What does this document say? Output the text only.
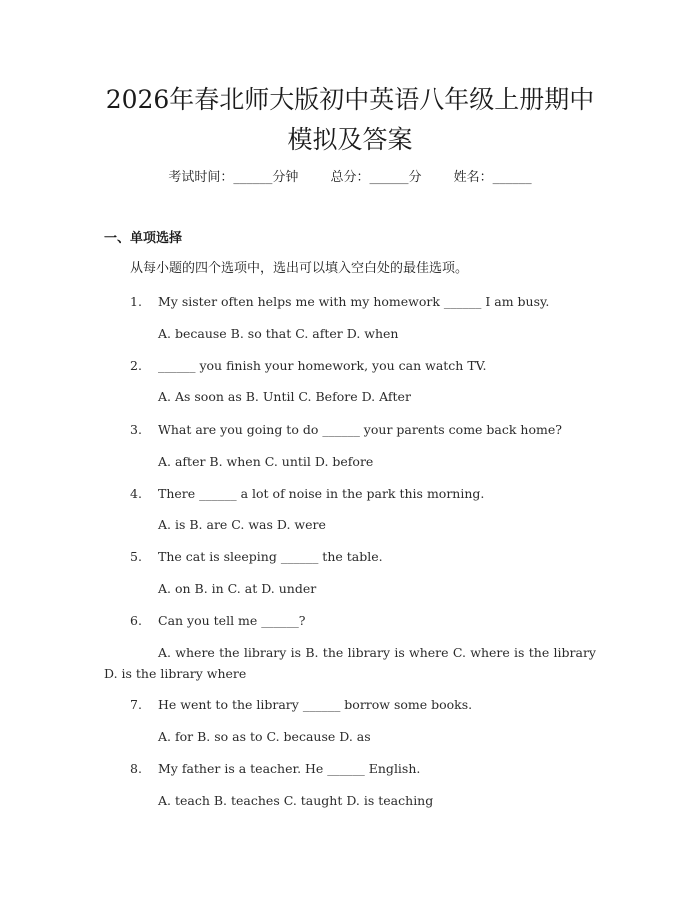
2026年春北师大版初中英语八年级上册期中
模拟及答案
考试时间：______分钟 总分：______分 姓名：______
一、单项选择
从每小题的四个选项中，选出可以填入空白处的最佳选项。
1. My sister often helps me with my homework ______ I am busy.
A. because B. so that C. after D. when
2. ______ you finish your homework, you can watch TV.
A. As soon as B. Until C. Before D. After
3. What are you going to do ______ your parents come back home?
A. after B. when C. until D. before
4. There ______ a lot of noise in the park this morning.
A. is B. are C. was D. were
5. The cat is sleeping ______ the table.
A. on B. in C. at D. under
6. Can you tell me ______?
A. where the library is B. the library is where C. where is the library D. is the library where
7. He went to the library ______ borrow some books.
A. for B. so as to C. because D. as
8. My father is a teacher. He ______ English.
A. teach B. teaches C. taught D. is teaching
